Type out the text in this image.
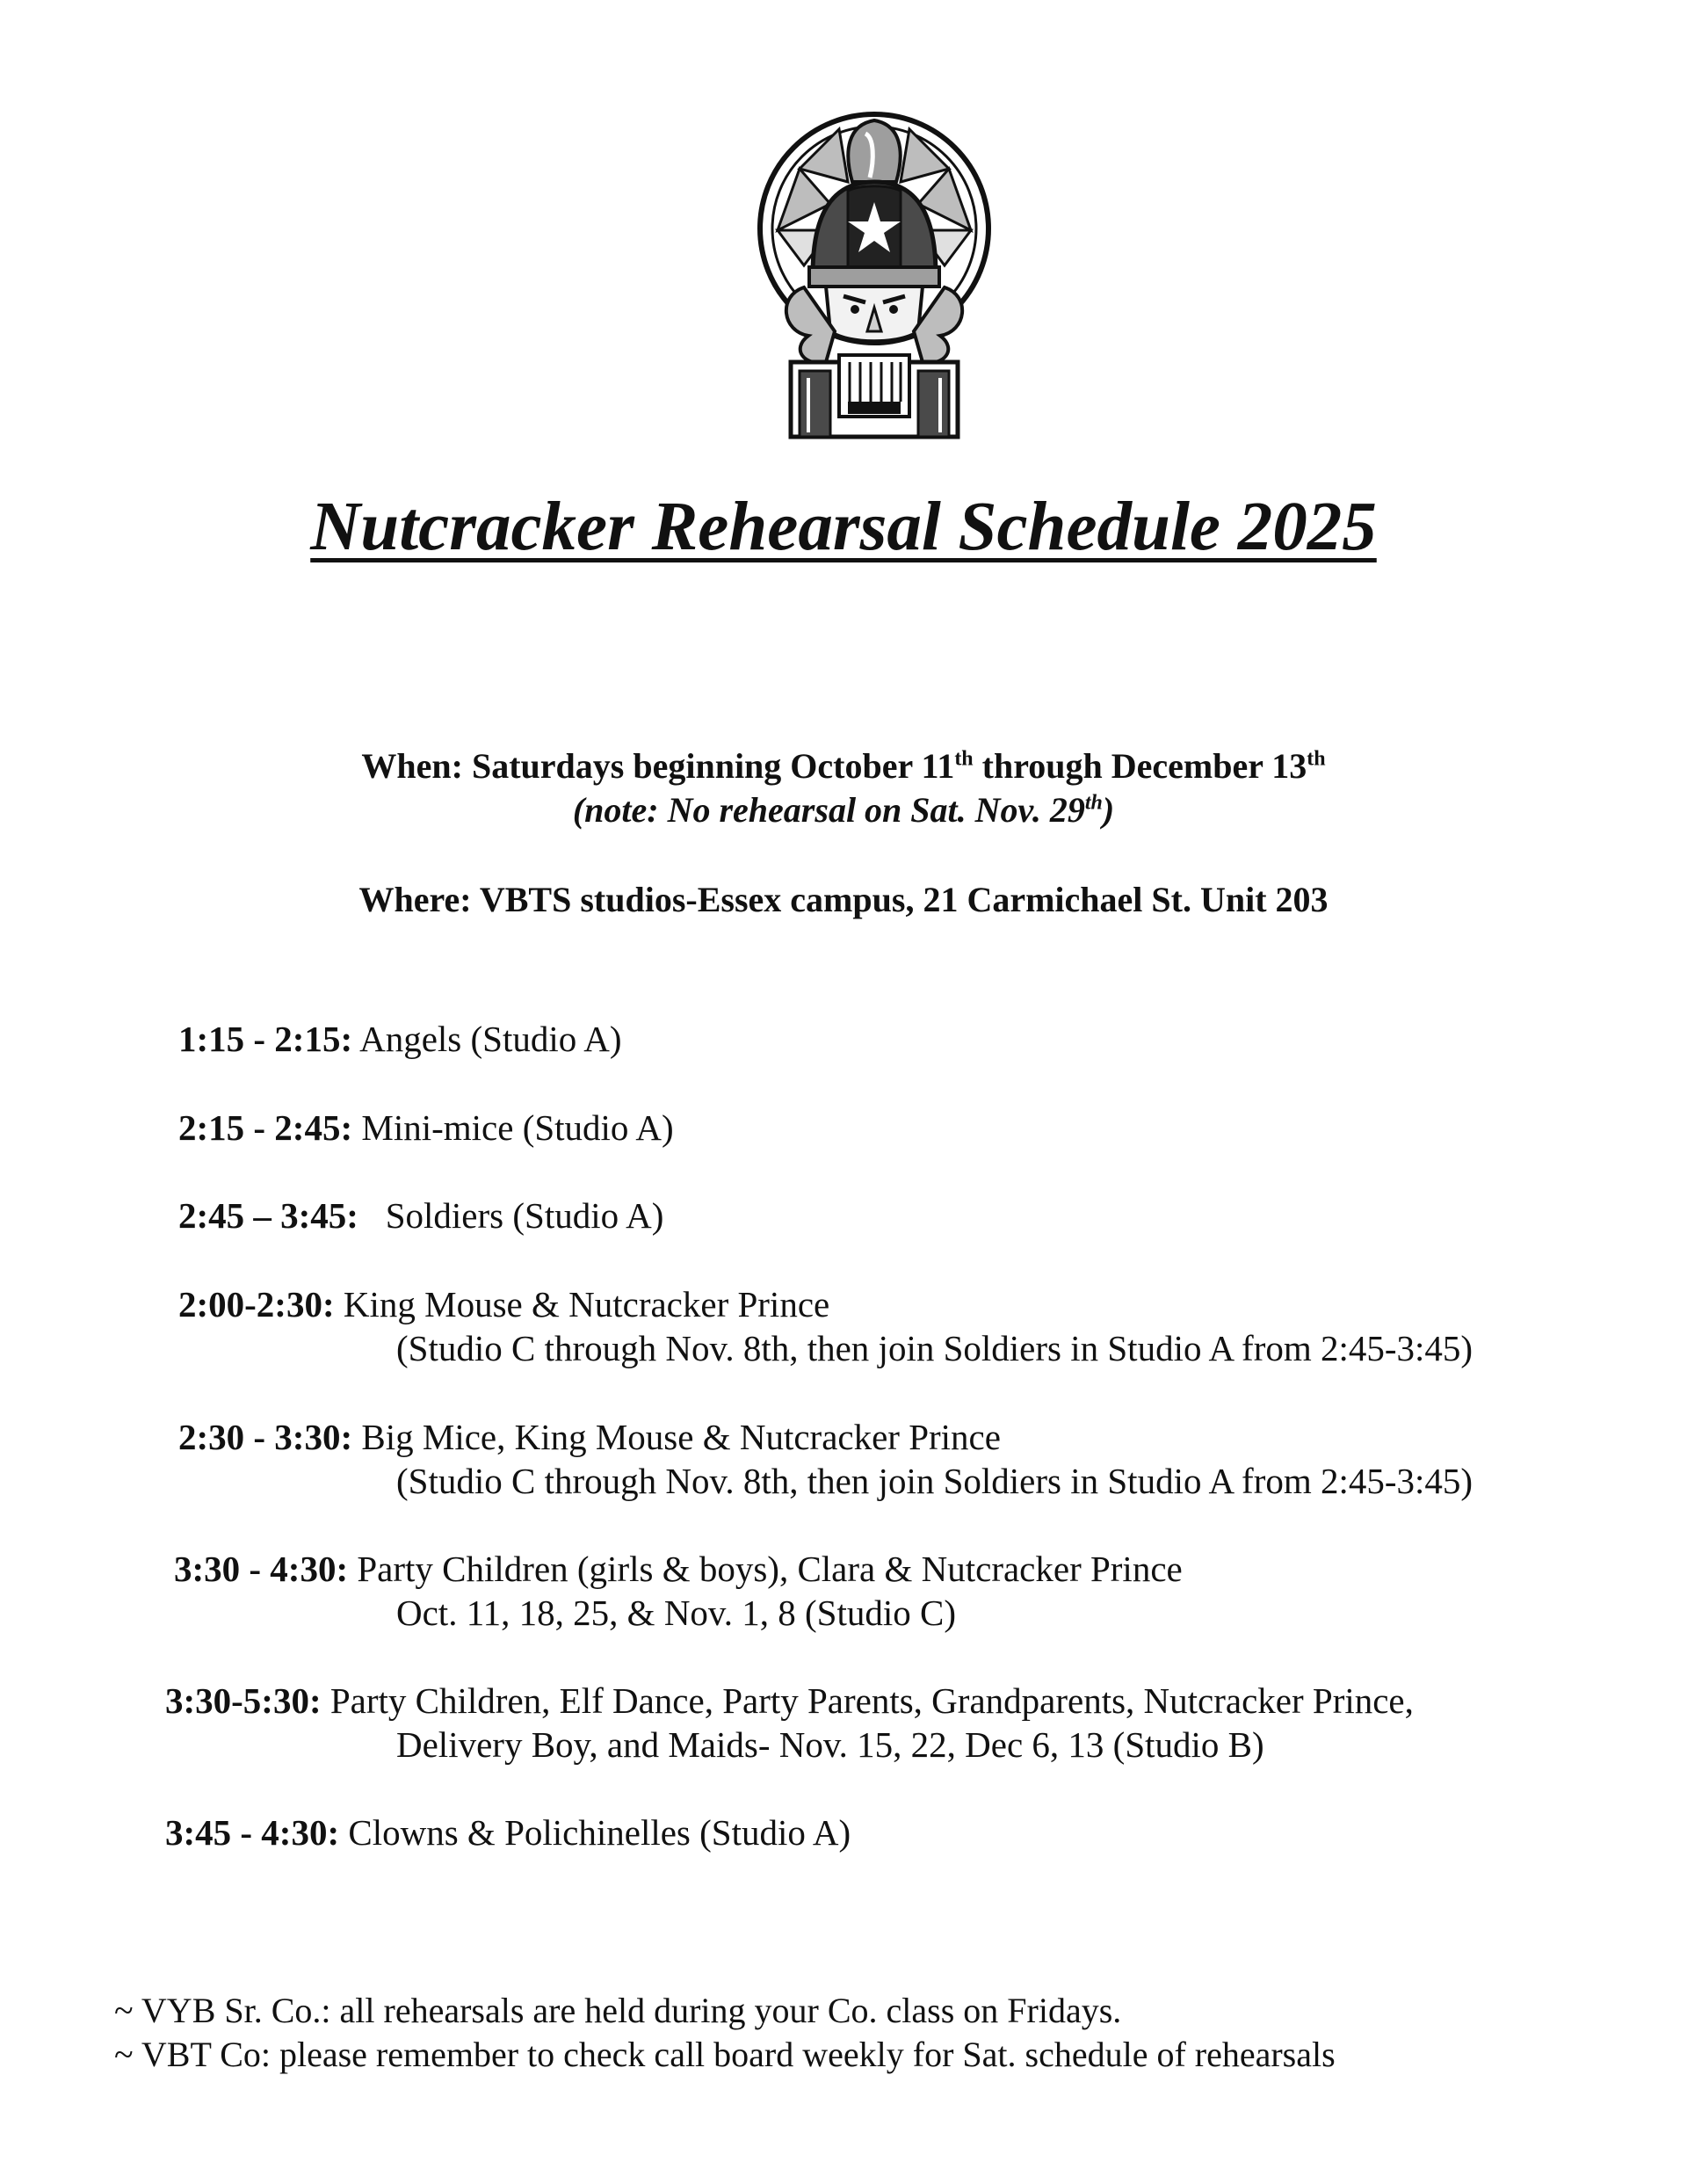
Nutcracker Rehearsal Schedule 2025
When: Saturdays beginning October 11th through December 13th
(note: No rehearsal on Sat. Nov. 29th)
Where: VBTS studios-Essex campus, 21 Carmichael St. Unit 203
1:15 - 2:15: Angels (Studio A)
2:15 - 2:45: Mini-mice (Studio A)
2:45 – 3:45:   Soldiers (Studio A)
2:00-2:30: King Mouse & Nutcracker Prince
(Studio C through Nov. 8th, then join Soldiers in Studio A from 2:45-3:45)
2:30 - 3:30: Big Mice, King Mouse & Nutcracker Prince
(Studio C through Nov. 8th, then join Soldiers in Studio A from 2:45-3:45)
3:30 - 4:30: Party Children (girls & boys), Clara & Nutcracker Prince
Oct. 11, 18, 25, & Nov. 1, 8 (Studio C)
3:30-5:30: Party Children, Elf Dance, Party Parents, Grandparents, Nutcracker Prince,
Delivery Boy, and Maids- Nov. 15, 22, Dec 6, 13 (Studio B)
3:45 - 4:30: Clowns & Polichinelles (Studio A)
~ VYB Sr. Co.: all rehearsals are held during your Co. class on Fridays.
~ VBT Co: please remember to check call board weekly for Sat. schedule of rehearsals
